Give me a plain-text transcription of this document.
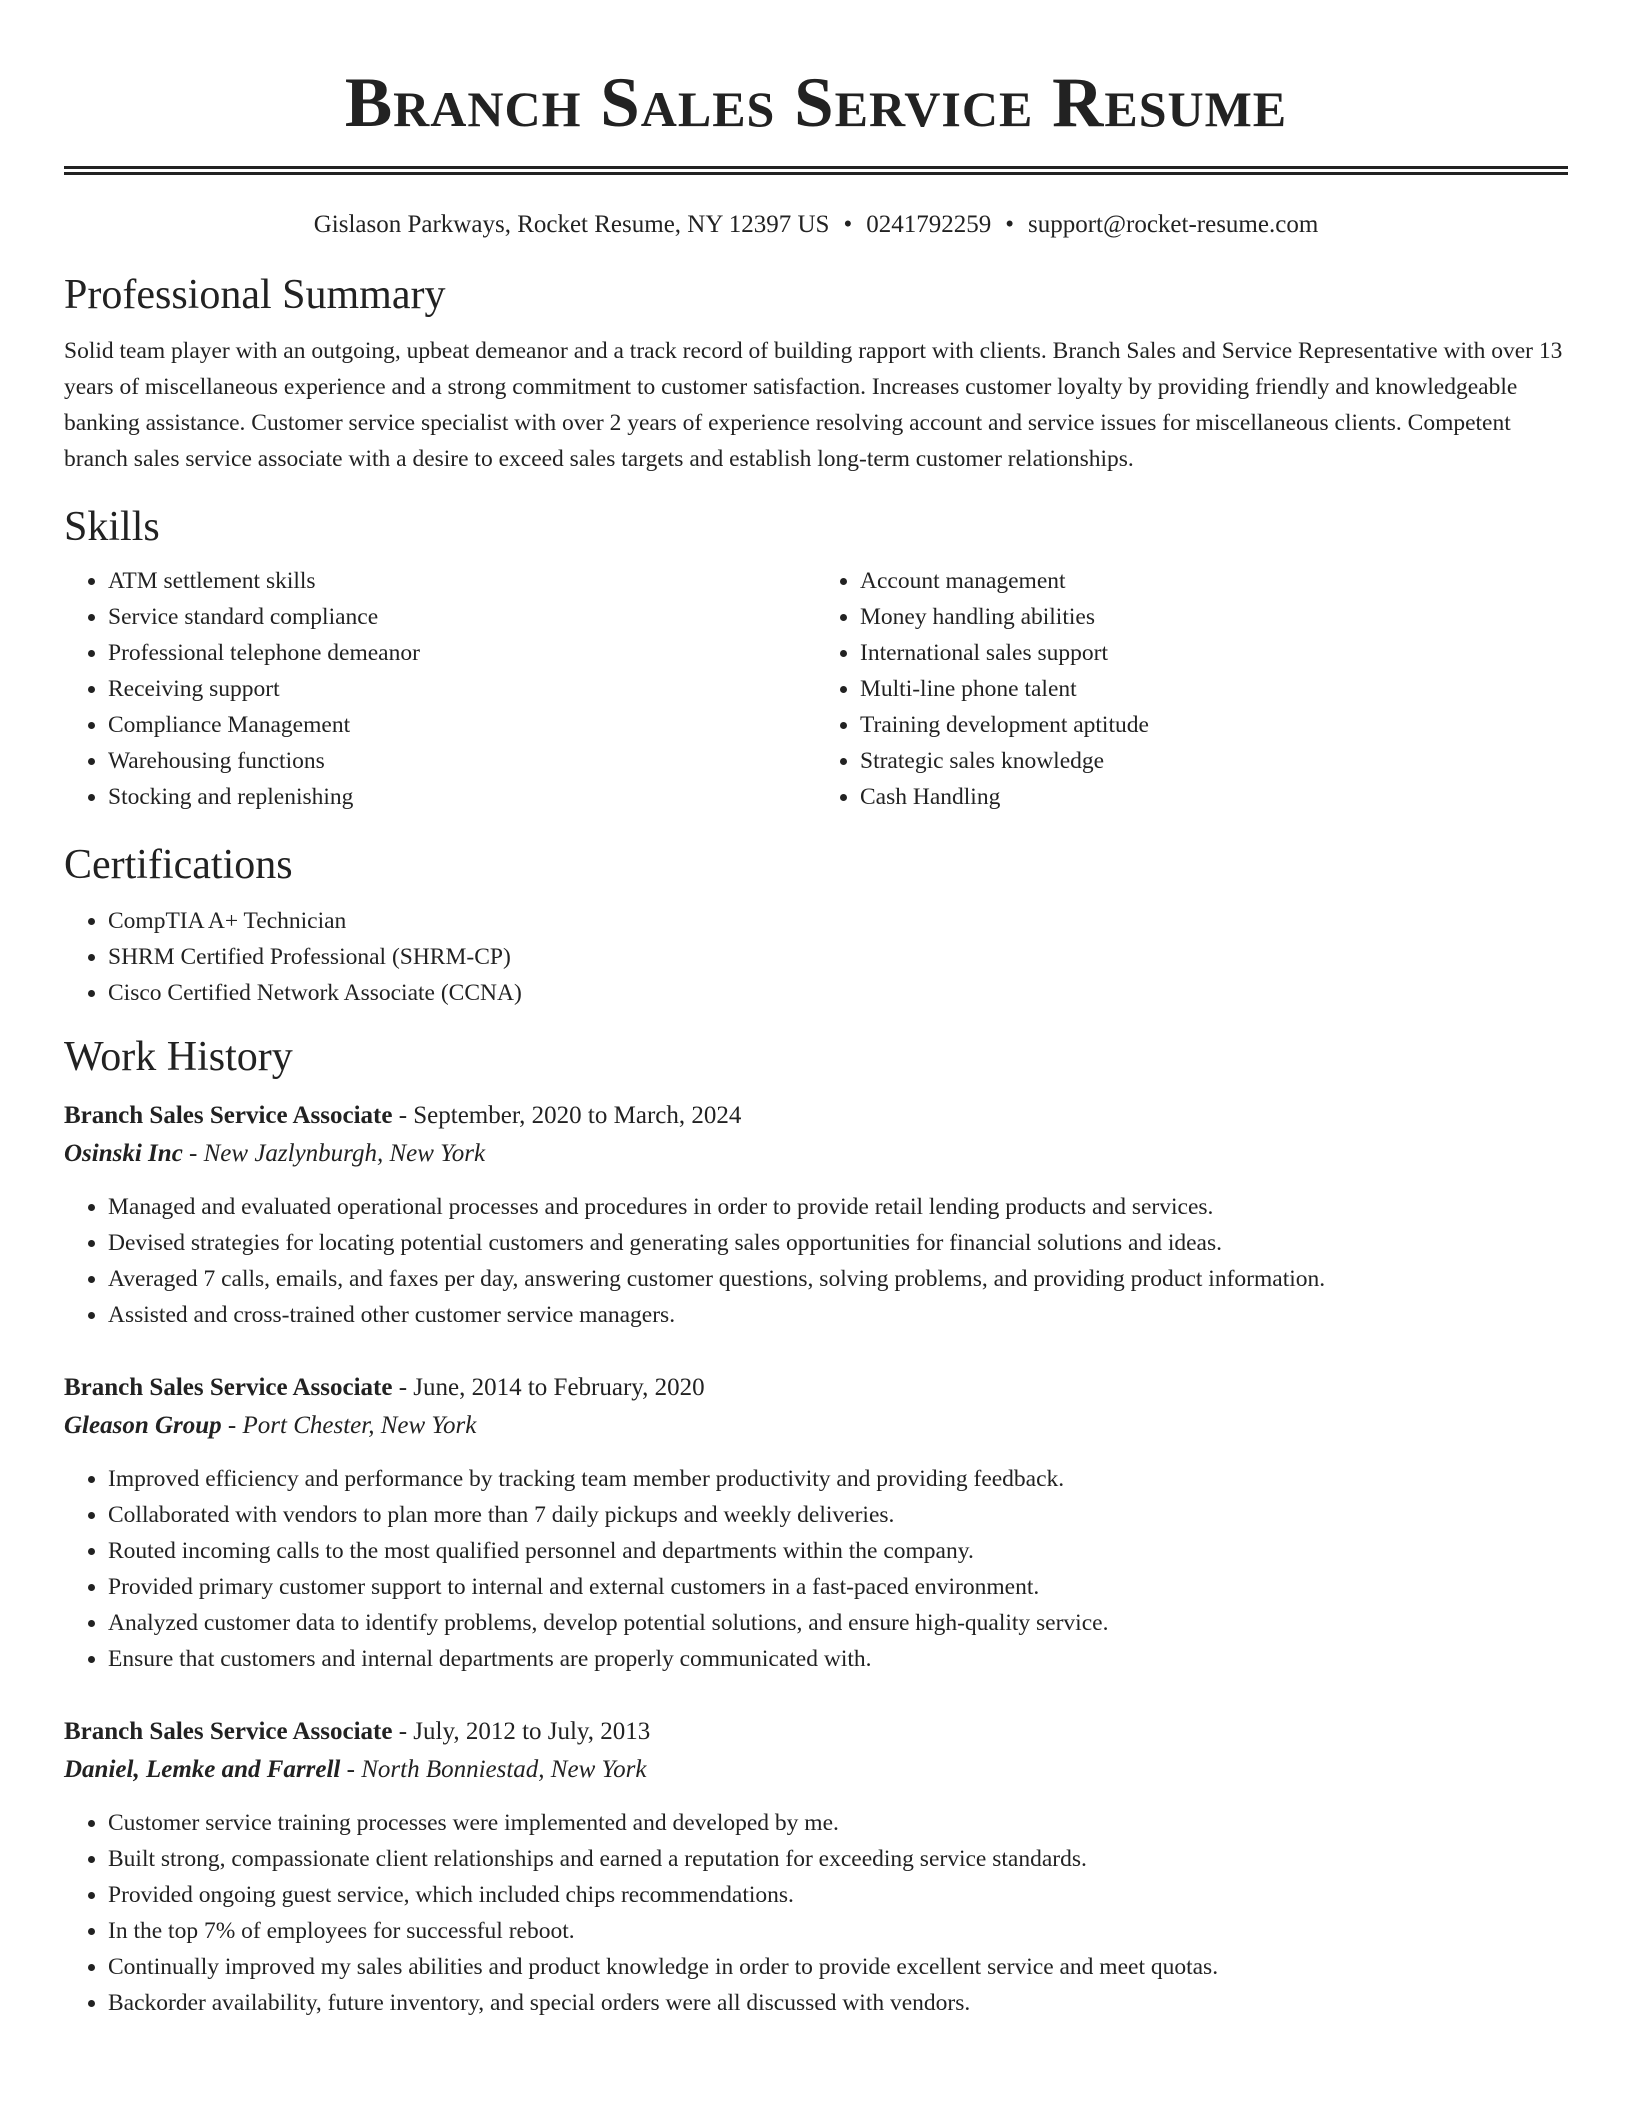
Branch Sales Service Resume
Gislason Parkways, Rocket Resume, NY 12397 US • 0241792259 • support@rocket-resume.com
Professional Summary

Solid team player with an outgoing, upbeat demeanor and a track record of building rapport with clients. Branch Sales and Service Representative with over 13 years of miscellaneous experience and a strong commitment to customer satisfaction. Increases customer loyalty by providing friendly and knowledgeable banking assistance. Customer service specialist with over 2 years of experience resolving account and service issues for miscellaneous clients. Competent branch sales service associate with a desire to exceed sales targets and establish long-term customer relationships.

Skills
• ATM settlement skills
• Service standard compliance
• Professional telephone demeanor
• Receiving support
• Compliance Management
• Warehousing functions
• Stocking and replenishing
• Account management
• Money handling abilities
• International sales support
• Multi-line phone talent
• Training development aptitude
• Strategic sales knowledge
• Cash Handling
Certifications
• CompTIA A+ Technician
• SHRM Certified Professional (SHRM-CP)
• Cisco Certified Network Associate (CCNA)
Work History
Branch Sales Service Associate - September, 2020 to March, 2024
Osinski Inc - New Jazlynburgh, New York
• Managed and evaluated operational processes and procedures in order to provide retail lending products and services.
• Devised strategies for locating potential customers and generating sales opportunities for financial solutions and ideas.
• Averaged 7 calls, emails, and faxes per day, answering customer questions, solving problems, and providing product information.
• Assisted and cross-trained other customer service managers.
Branch Sales Service Associate - June, 2014 to February, 2020
Gleason Group - Port Chester, New York
• Improved efficiency and performance by tracking team member productivity and providing feedback.
• Collaborated with vendors to plan more than 7 daily pickups and weekly deliveries.
• Routed incoming calls to the most qualified personnel and departments within the company.
• Provided primary customer support to internal and external customers in a fast-paced environment.
• Analyzed customer data to identify problems, develop potential solutions, and ensure high-quality service.
• Ensure that customers and internal departments are properly communicated with.
Branch Sales Service Associate - July, 2012 to July, 2013
Daniel, Lemke and Farrell - North Bonniestad, New York
• Customer service training processes were implemented and developed by me.
• Built strong, compassionate client relationships and earned a reputation for exceeding service standards.
• Provided ongoing guest service, which included chips recommendations.
• In the top 7% of employees for successful reboot.
• Continually improved my sales abilities and product knowledge in order to provide excellent service and meet quotas.
• Backorder availability, future inventory, and special orders were all discussed with vendors.
